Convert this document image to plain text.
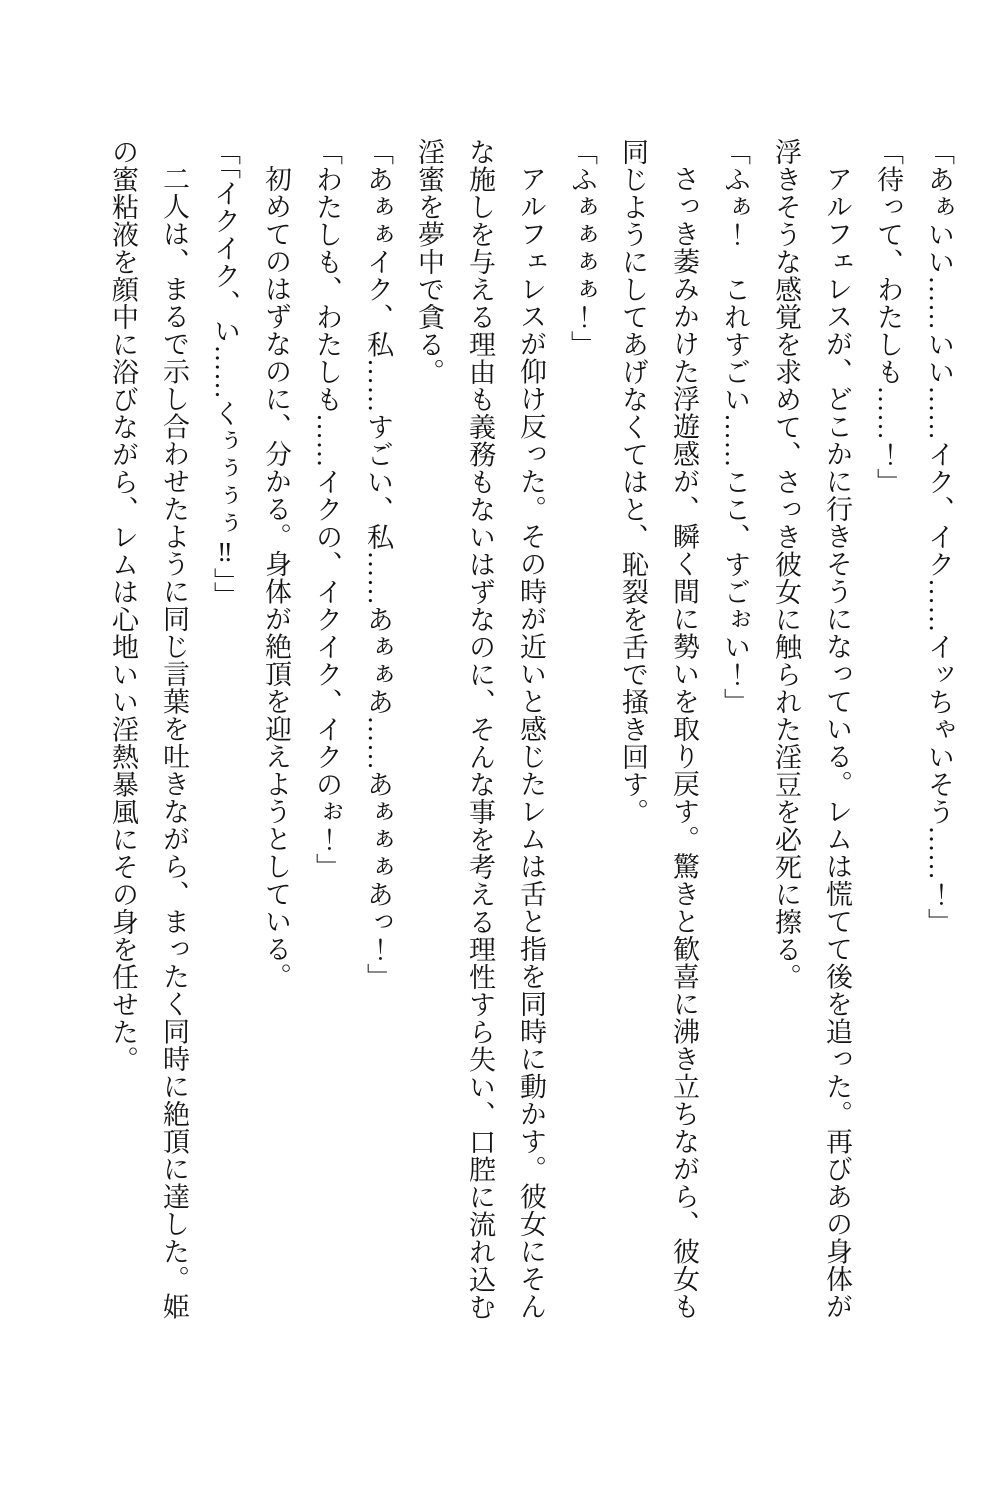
「あぁいい……いい……イク、イク……イッちゃいそう……！」

「待って、わたしも……！」

アルフェレスが、どこかに行きそうになっている。レムは慌てて後を追った。再びあの身体が

浮きそうな感覚を求めて、さっき彼女に触られた淫豆を必死に擦る。

「ふぁ！　これすごい……ここ、すごぉい！」

さっき萎みかけた浮遊感が、瞬く間に勢いを取り戻す。驚きと歓喜に沸き立ちながら、彼女も

同じようにしてあげなくてはと、恥裂を舌で掻き回す。

「ふぁぁぁぁ！」

アルフェレスが仰け反った。その時が近いと感じたレムは舌と指を同時に動かす。彼女にそん

な施しを与える理由も義務もないはずなのに、そんな事を考える理性すら失い、口腔に流れ込む

淫蜜を夢中で貪る。

「あぁぁイク、私……すごい、私……あぁぁあ……あぁぁぁあっ！」

「わたしも、わたしも……イクの、イクイク、イクのぉ！」

初めてのはずなのに、分かる。身体が絶頂を迎えようとしている。

「「イクイク、い……くぅぅぅぅ‼」」

二人は、まるで示し合わせたように同じ言葉を吐きながら、まったく同時に絶頂に達した。姫

の蜜粘液を顔中に浴びながら、レムは心地いい淫熱暴風にその身を任せた。
